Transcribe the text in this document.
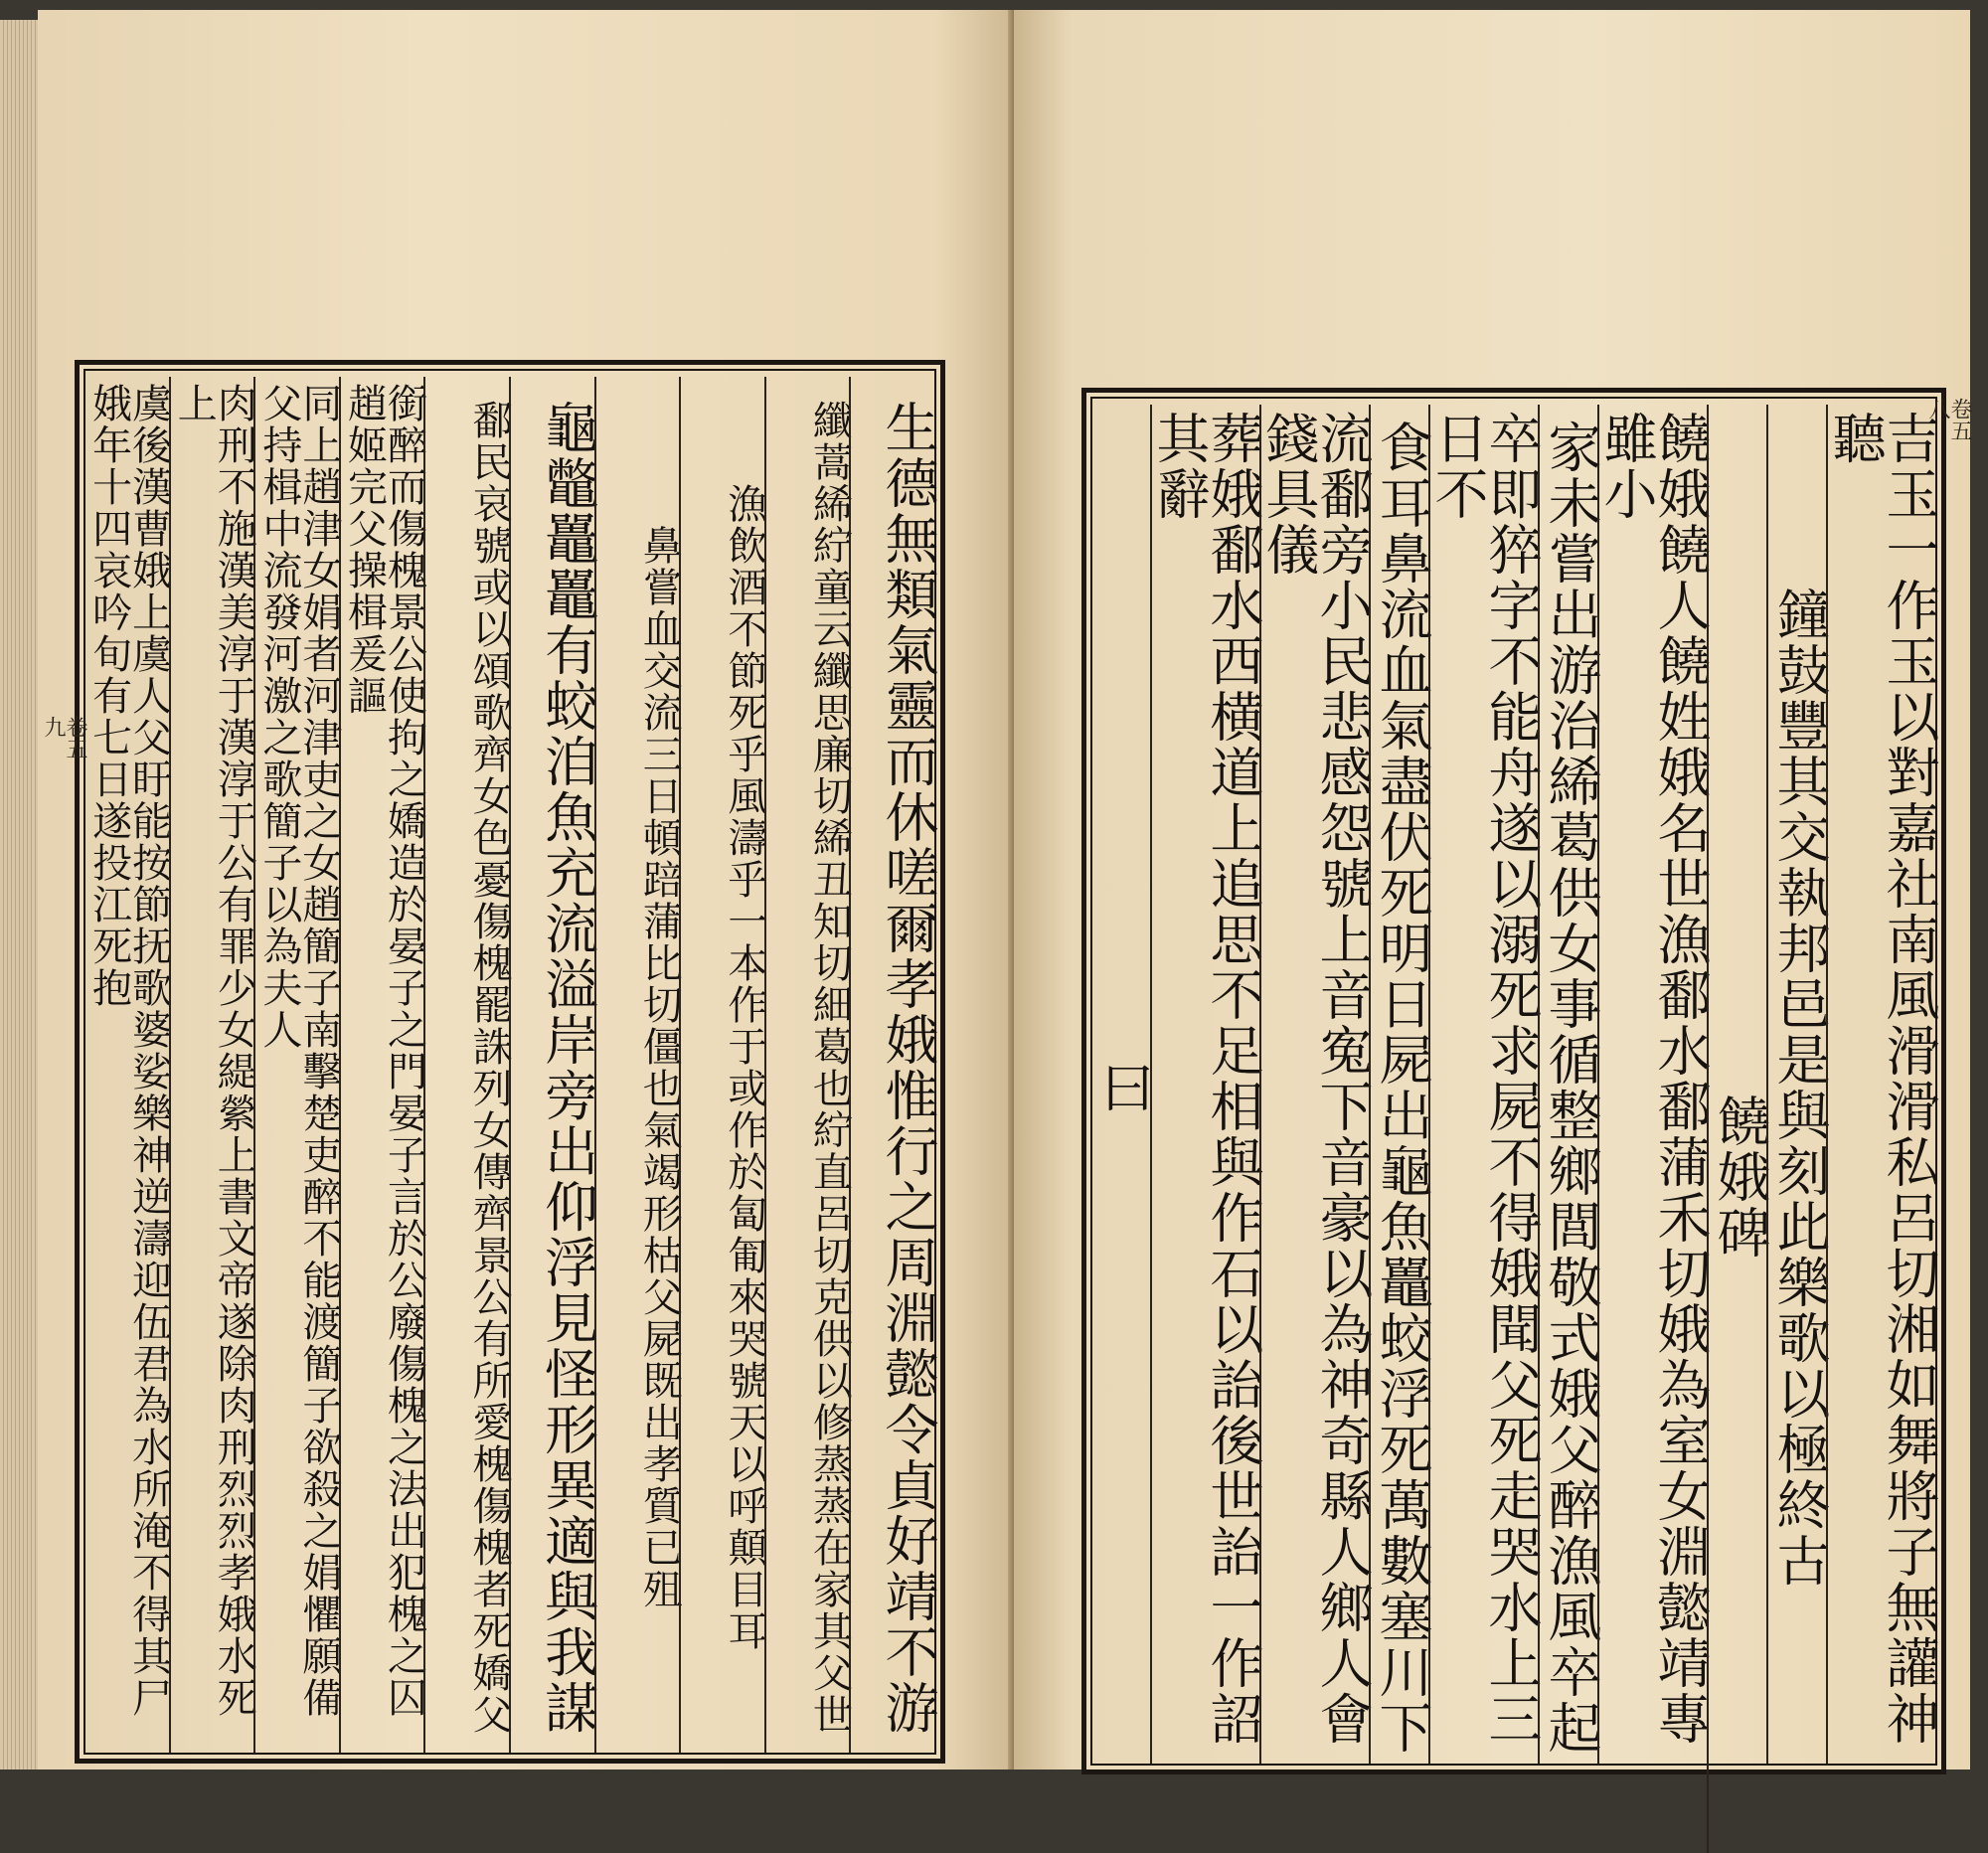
生德無類氣靈而休嗟爾孝娥惟行之周淵懿令貞好靖不游
纖蒿絺紵童云纖思廉切絺丑知切細葛也紵直呂切克供以修蒸蒸在家其父世
漁飲酒不節死乎風濤乎一本作于或作於匐匍來哭號天以呼顛目耳
鼻嘗血交流三日頓踣蒲比切僵也氣竭形枯父屍既出孝質已殂
龜鼈鼉鼉有蛟洎魚充流溢岸旁出仰浮見怪形異適與我謀
鄱民哀號或以頌歌齊女色憂傷槐罷誅列女傳齊景公有所愛槐傷槐者死嬌父
銜醉而傷槐景公使拘之嬌造於晏子之門晏子言於公廢傷槐之法出犯槐之囚趙姬完父操楫爰謳
同上趙津女娟者河津吏之女趙簡子南擊楚吏醉不能渡簡子欲殺之娟懼願備父持楫中流發河激之歌簡子以為夫人
肉刑不施漢美淳于漢淳于公有罪少女緹縈上書文帝遂除肉刑烈烈孝娥水死上
虞後漢曹娥上虞人父盱能按節抚歌婆娑樂神逆濤迎伍君為水所淹不得其尸娥年十四哀吟旬有七日遂投江死抱
卷五
九	吉玉一作玉以對嘉社南風滑滑私呂切湘如舞將子無讙神聽
鐘鼓豐其交執邦邑是與刻此樂歌以極終古
饒娥碑
饒娥饒人饒姓娥名世漁鄱水鄱蒲禾切娥為室女淵懿靖專雖小
家未嘗出游治絺葛供女事循整鄉閭敬式娥父醉漁風卒起
卒即猝字不能舟遂以溺死求屍不得娥聞父死走哭水上三日不
食耳鼻流血氣盡伏死明日屍出龜魚鼉蛟浮死萬數塞川下
流鄱旁小民悲感怨號上音寃下音豪以為神奇縣人鄉人會錢具儀
葬娥鄱水西横道上追思不足相與作石以詒後世詒一作詔其辭
曰
卷五
八
